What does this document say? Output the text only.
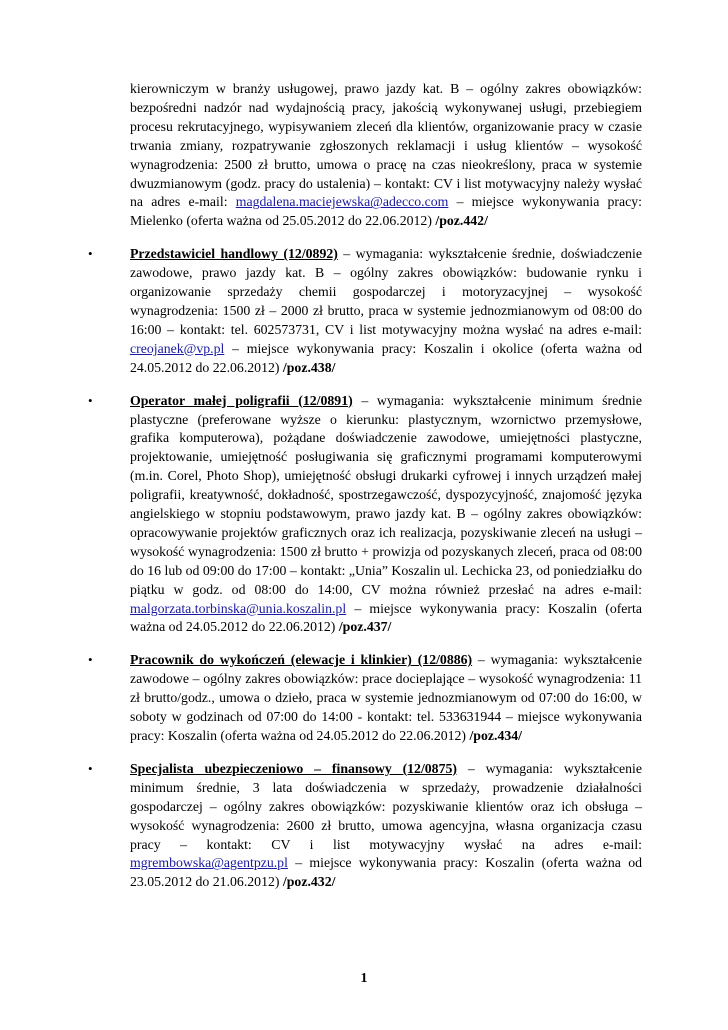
kierowniczym w branży usługowej, prawo jazdy kat. B – ogólny zakres obowiązków: bezpośredni nadzór nad wydajnością pracy, jakością wykonywanej usługi, przebiegiem procesu rekrutacyjnego, wypisywaniem zleceń dla klientów, organizowanie pracy w czasie trwania zmiany, rozpatrywanie zgłoszonych reklamacji i usług klientów – wysokość wynagrodzenia: 2500 zł brutto, umowa o pracę na czas nieokreślony, praca w systemie dwuzmianowym (godz. pracy do ustalenia) – kontakt: CV i list motywacyjny należy wysłać na adres e-mail: magdalena.maciejewska@adecco.com – miejsce wykonywania pracy: Mielenko (oferta ważna od 25.05.2012 do 22.06.2012) /poz.442/

•	Przedstawiciel handlowy (12/0892) – wymagania: wykształcenie średnie, doświadczenie zawodowe, prawo jazdy kat. B – ogólny zakres obowiązków: budowanie rynku i organizowanie sprzedaży chemii gospodarczej i motoryzacyjnej – wysokość wynagrodzenia: 1500 zł – 2000 zł brutto, praca w systemie jednozmianowym od 08:00 do 16:00 – kontakt: tel. 602573731, CV i list motywacyjny można wysłać na adres e-mail: creojanek@vp.pl – miejsce wykonywania pracy: Koszalin i okolice (oferta ważna od 24.05.2012 do 22.06.2012) /poz.438/

•	Operator małej poligrafii (12/0891) – wymagania: wykształcenie minimum średnie plastyczne (preferowane wyższe o kierunku: plastycznym, wzornictwo przemysłowe, grafika komputerowa), pożądane doświadczenie zawodowe, umiejętności plastyczne, projektowanie, umiejętność posługiwania się graficznymi programami komputerowymi (m.in. Corel, Photo Shop), umiejętność obsługi drukarki cyfrowej i innych urządzeń małej poligrafii, kreatywność, dokładność, spostrzegawczość, dyspozycyjność, znajomość języka angielskiego w stopniu podstawowym, prawo jazdy kat. B – ogólny zakres obowiązków: opracowywanie projektów graficznych oraz ich realizacja, pozyskiwanie zleceń na usługi – wysokość wynagrodzenia: 1500 zł brutto + prowizja od pozyskanych zleceń, praca od 08:00 do 16 lub od 09:00 do 17:00 – kontakt: „Unia” Koszalin ul. Lechicka 23, od poniedziałku do piątku w godz. od 08:00 do 14:00, CV można również przesłać na adres e-mail: malgorzata.torbinska@unia.koszalin.pl – miejsce wykonywania pracy: Koszalin (oferta ważna od 24.05.2012 do 22.06.2012) /poz.437/

•	Pracownik do wykończeń (elewacje i klinkier) (12/0886) – wymagania: wykształcenie zawodowe – ogólny zakres obowiązków: prace docieplające – wysokość wynagrodzenia: 11 zł brutto/godz., umowa o dzieło, praca w systemie jednozmianowym od 07:00 do 16:00, w soboty w godzinach od 07:00 do 14:00 - kontakt: tel. 533631944 – miejsce wykonywania pracy: Koszalin (oferta ważna od 24.05.2012 do 22.06.2012) /poz.434/

•	Specjalista ubezpieczeniowo – finansowy (12/0875) – wymagania: wykształcenie minimum średnie, 3 lata doświadczenia w sprzedaży, prowadzenie działalności gospodarczej – ogólny zakres obowiązków: pozyskiwanie klientów oraz ich obsługa – wysokość wynagrodzenia: 2600 zł brutto, umowa agencyjna, własna organizacja czasu pracy – kontakt: CV i list motywacyjny wysłać na adres e-mail: mgrembowska@agentpzu.pl – miejsce wykonywania pracy: Koszalin (oferta ważna od 23.05.2012 do 21.06.2012) /poz.432/

1
